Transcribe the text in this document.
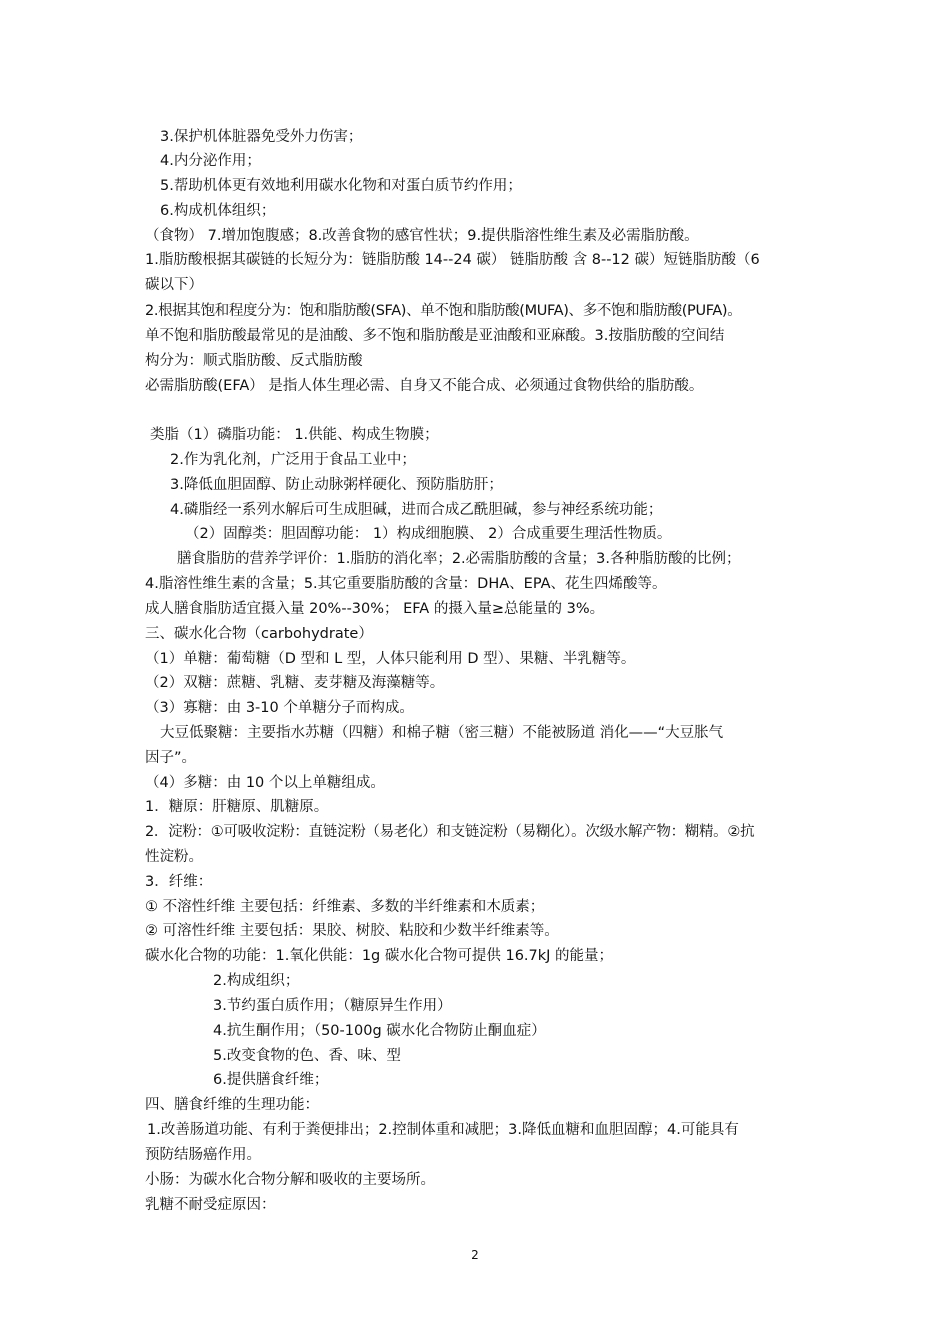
3.保护机体脏器免受外力伤害；
4.内分泌作用；
5.帮助机体更有效地利用碳水化物和对蛋白质节约作用；
6.构成机体组织；
（食物） 7.增加饱腹感；8.改善食物的感官性状；9.提供脂溶性维生素及必需脂肪酸。
1.脂肪酸根据其碳链的长短分为：链脂肪酸 14--24 碳） 链脂肪酸 含 8--12 碳）短链脂肪酸（6
碳以下）
2.根据其饱和程度分为：饱和脂肪酸(SFA)、单不饱和脂肪酸(MUFA)、多不饱和脂肪酸(PUFA)。
单不饱和脂肪酸最常见的是油酸、多不饱和脂肪酸是亚油酸和亚麻酸。3.按脂肪酸的空间结
构分为：顺式脂肪酸、反式脂肪酸
必需脂肪酸(EFA） 是指人体生理必需、自身又不能合成、必须通过食物供给的脂肪酸。
类脂（1）磷脂功能： 1.供能、构成生物膜；
2.作为乳化剂，广泛用于食品工业中；
3.降低血胆固醇、防止动脉粥样硬化、预防脂肪肝；
4.磷脂经一系列水解后可生成胆碱，进而合成乙酰胆碱，参与神经系统功能；
（2）固醇类：胆固醇功能： 1）构成细胞膜、 2）合成重要生理活性物质。
膳食脂肪的营养学评价：1.脂肪的消化率；2.必需脂肪酸的含量；3.各种脂肪酸的比例；
4.脂溶性维生素的含量；5.其它重要脂肪酸的含量：DHA、EPA、花生四烯酸等。
成人膳食脂肪适宜摄入量 20%--30%； EFA 的摄入量≥总能量的 3%。
三、碳水化合物（carbohydrate）
（1）单糖：葡萄糖（D 型和 L 型，人体只能利用 D 型）、果糖、半乳糖等。
（2）双糖：蔗糖、乳糖、麦芽糖及海藻糖等。
（3）寡糖：由 3-10 个单糖分子而构成。
大豆低聚糖：主要指水苏糖（四糖）和棉子糖（密三糖）不能被肠道 消化——“大豆胀气
因子”。
（4）多糖：由 10 个以上单糖组成。
1．糖原：肝糖原、肌糖原。
2．淀粉：①可吸收淀粉：直链淀粉（易老化）和支链淀粉（易糊化）。次级水解产物：糊精。②抗
性淀粉。
3．纤维：
① 不溶性纤维 主要包括：纤维素、多数的半纤维素和木质素；
② 可溶性纤维 主要包括：果胶、树胶、粘胶和少数半纤维素等。
碳水化合物的功能：1.氧化供能：1g 碳水化合物可提供 16.7kJ 的能量；
2.构成组织；
3.节约蛋白质作用；（糖原异生作用）
4.抗生酮作用；（50-100g 碳水化合物防止酮血症）
5.改变食物的色、香、味、型
6.提供膳食纤维；
四、膳食纤维的生理功能：
1.改善肠道功能、有利于粪便排出；2.控制体重和减肥；3.降低血糖和血胆固醇；4.可能具有
预防结肠癌作用。
小肠：为碳水化合物分解和吸收的主要场所。
乳糖不耐受症原因：
2
